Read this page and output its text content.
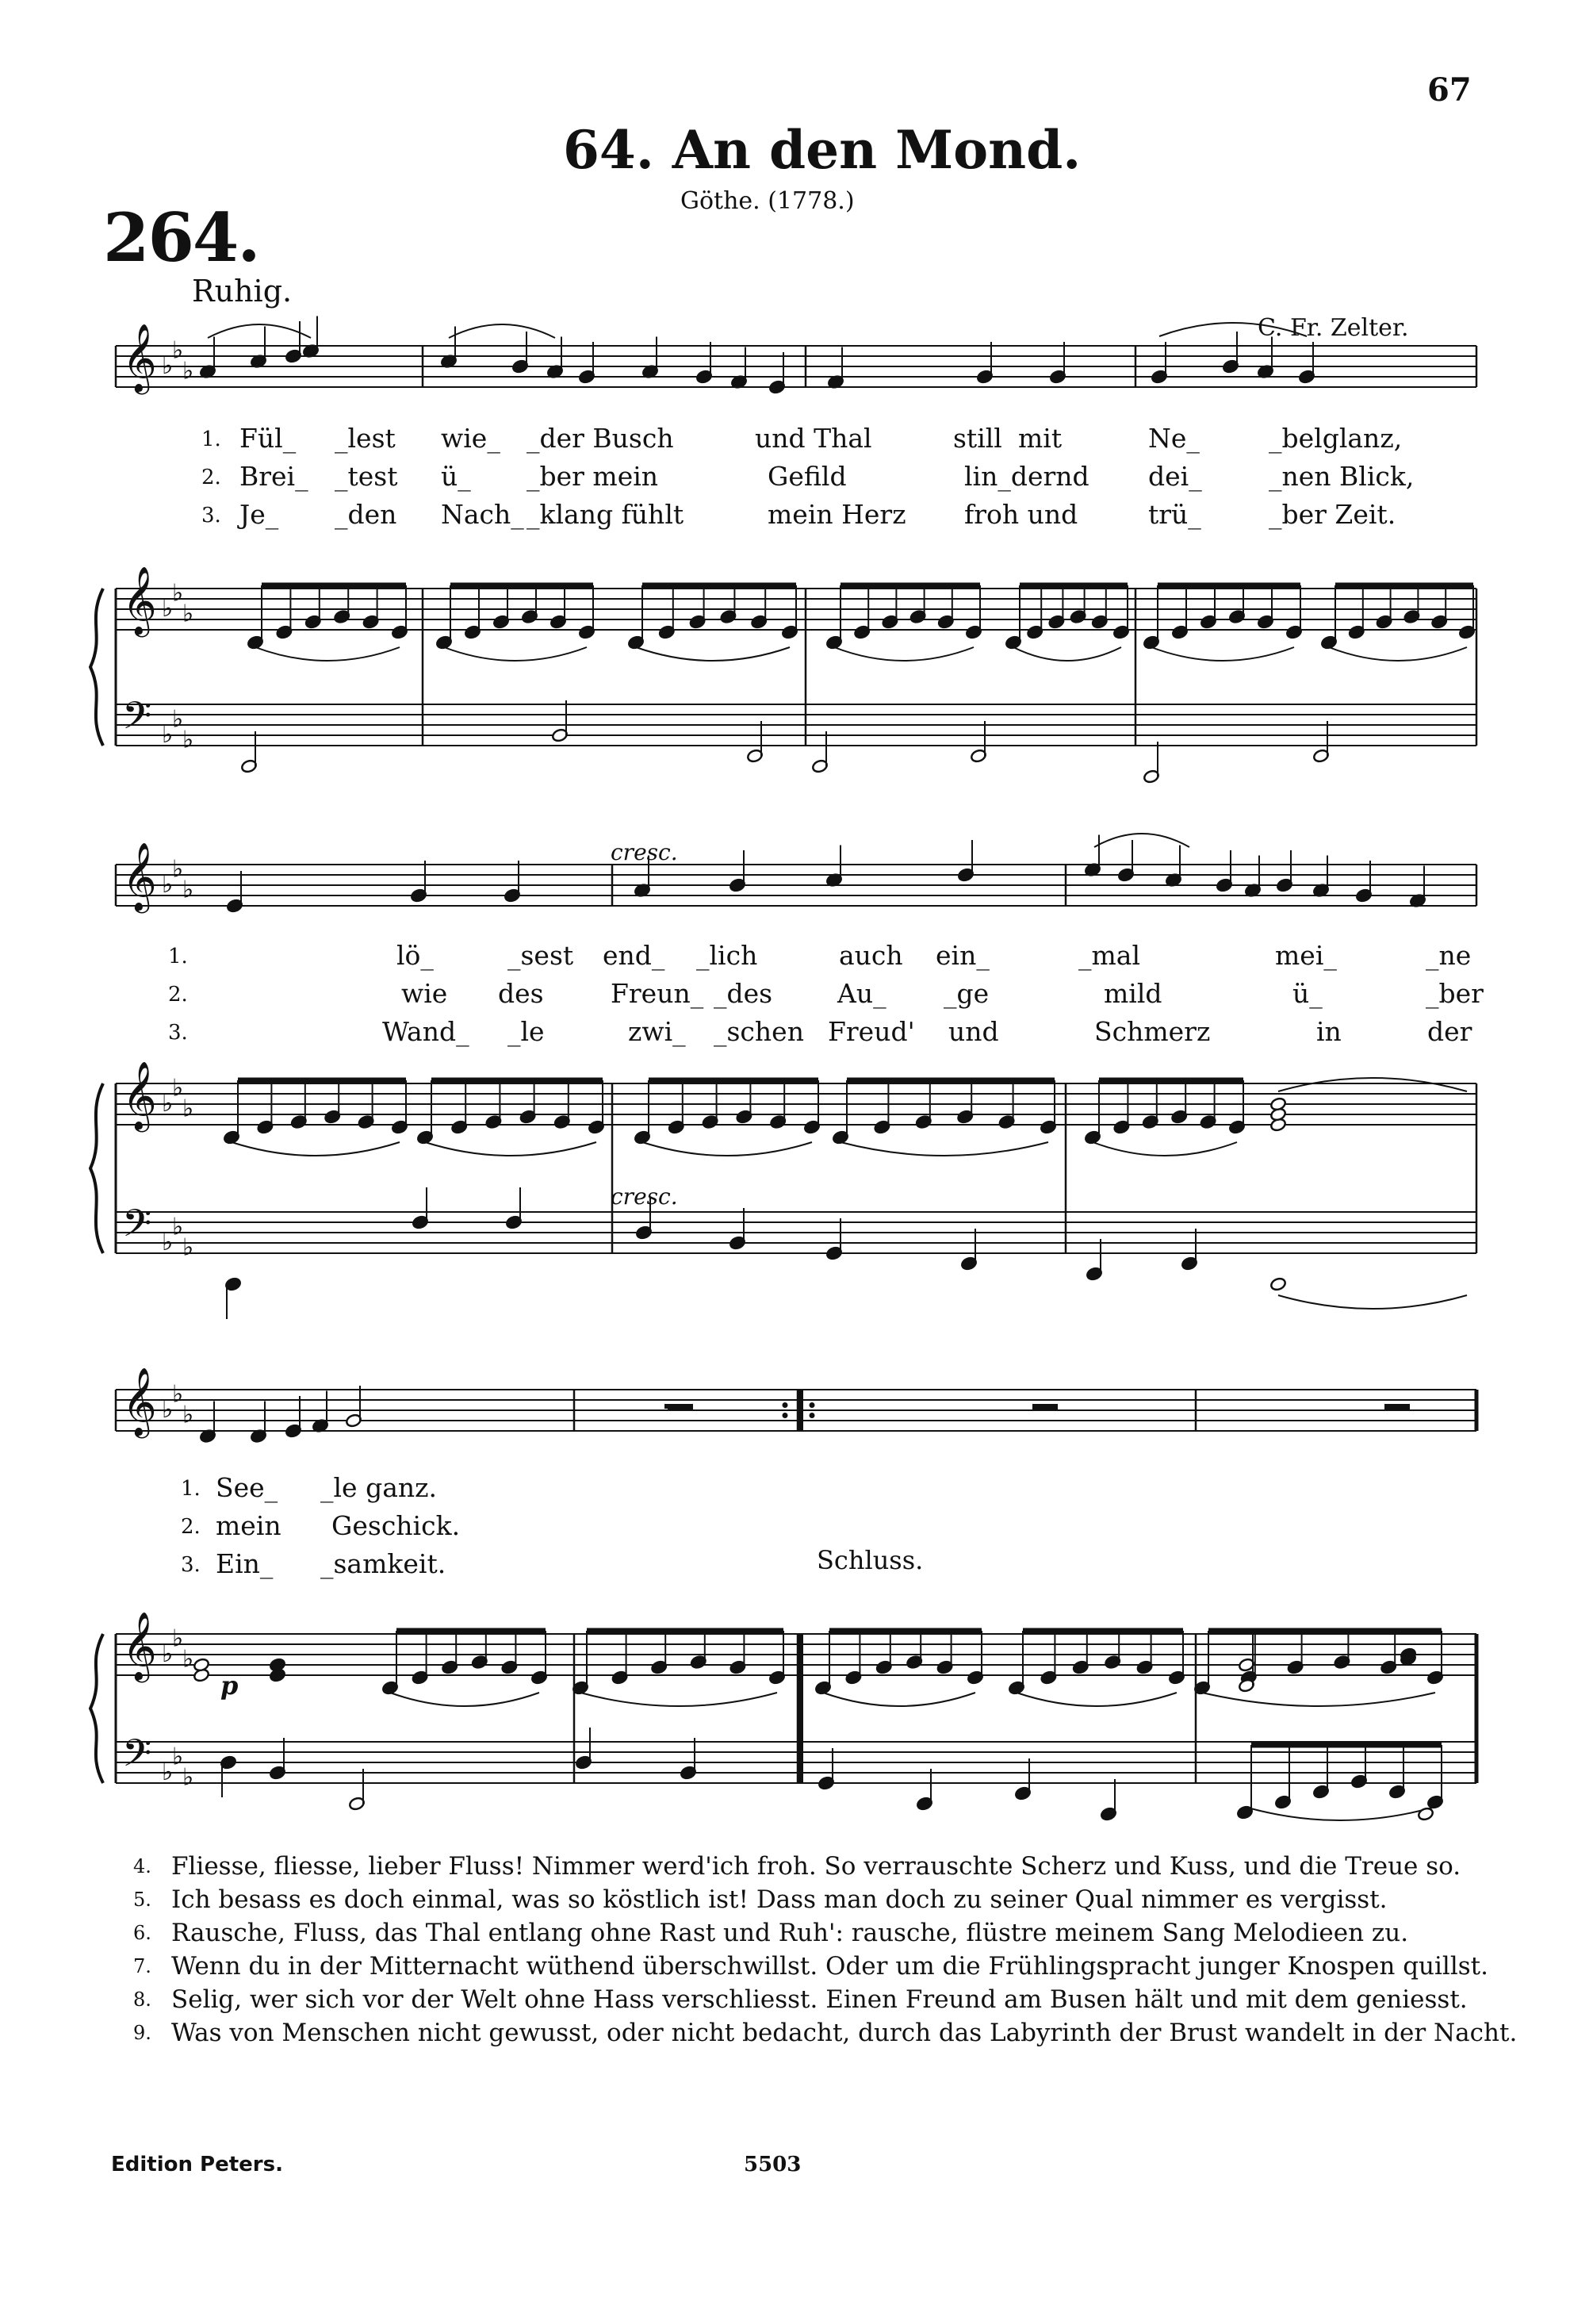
67
64. An den Mond.
Göthe. (1778.)
264.
Ruhig.
C. Fr. Zelter.
𝄞 ♭
♭
♭
𝄞 ♭
♭
♭
𝄢 ♭
♭
♭
𝄞 ♭
♭
♭
𝄞 ♭
♭
♭
𝄢 ♭
♭
♭
𝄞 ♭
♭
♭
𝄞 ♭
♭
♭
𝄢 ♭
♭
♭
cresc.
cresc.
p
Schluss.
1.
2.
3.
Fül_ _lest wie_ _der Busch	und Thal	still mit	Ne_	_belglanz,
Brei_ _test ü_ _ber mein	Gefild	lin_dernd dei_	_nen Blick,
Je_ _den Nach_ _klang fühlt	mein Herz froh und	trü_	_ber Zeit.
1.
2.
3.
lö_	_sest end_ _lich	auch ein_	_mal	mei_	_ne
wie des	Freun_ _des Au_ _ge	mild	ü_	_ber
Wand_ _le	zwi_ _schen Freud' und	Schmerz	in	der
1.
2.
3.
See_ _le ganz.
mein Geschick.
Ein_ _samkeit.
4. Fliesse, fliesse, lieber Fluss! Nimmer werd'ich froh. So verrauschte Scherz und Kuss, und die Treue so.
5. Ich besass es doch einmal, was so köstlich ist! Dass man doch zu seiner Qual nimmer es vergisst.
6. Rausche, Fluss, das Thal entlang ohne Rast und Ruh': rausche, flüstre meinem Sang Melodieen zu.
7. Wenn du in der Mitternacht wüthend überschwillst. Oder um die Frühlingspracht junger Knospen quillst.
8. Selig, wer sich vor der Welt ohne Hass verschliesst. Einen Freund am Busen hält und mit dem geniesst.
9. Was von Menschen nicht gewusst, oder nicht bedacht, durch das Labyrinth der Brust wandelt in der Nacht.
Edition Peters.	5503
